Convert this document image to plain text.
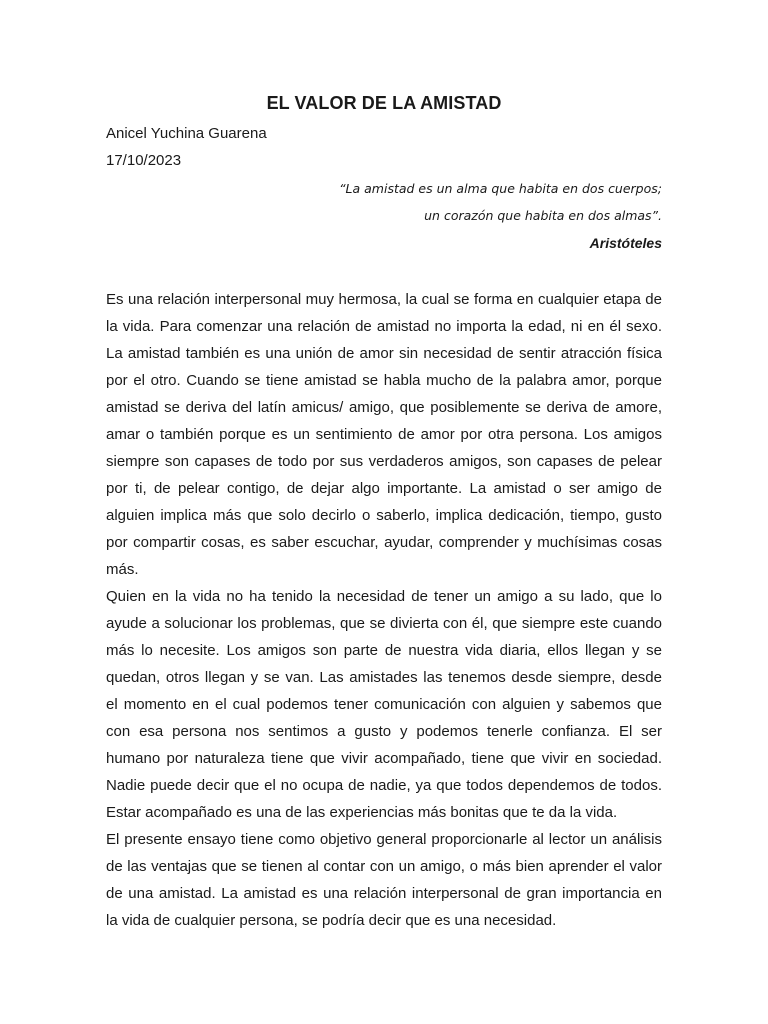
EL VALOR DE LA AMISTAD
Anicel Yuchina Guarena
17/10/2023
“La amistad es un alma que habita en dos cuerpos;
un corazón que habita en dos almas”.
Aristóteles
Es una relación interpersonal muy hermosa, la cual se forma en cualquier etapa de
la vida. Para comenzar una relación de amistad no importa la edad, ni en él sexo.
La amistad también es una unión de amor sin necesidad de sentir atracción física
por el otro. Cuando se tiene amistad se habla mucho de la palabra amor, porque
amistad se deriva del latín amicus/ amigo, que posiblemente se deriva de amore,
amar o también porque es un sentimiento de amor por otra persona. Los amigos
siempre son capases de todo por sus verdaderos amigos, son capases de pelear
por ti, de pelear contigo, de dejar algo importante. La amistad o ser amigo de
alguien implica más que solo decirlo o saberlo, implica dedicación, tiempo, gusto
por compartir cosas, es saber escuchar, ayudar, comprender y muchísimas cosas
más.
Quien en la vida no ha tenido la necesidad de tener un amigo a su lado, que lo
ayude a solucionar los problemas, que se divierta con él, que siempre este cuando
más lo necesite. Los amigos son parte de nuestra vida diaria, ellos llegan y se
quedan, otros llegan y se van. Las amistades las tenemos desde siempre, desde
el momento en el cual podemos tener comunicación con alguien y sabemos que
con esa persona nos sentimos a gusto y podemos tenerle confianza. El ser
humano por naturaleza tiene que vivir acompañado, tiene que vivir en sociedad.
Nadie puede decir que el no ocupa de nadie, ya que todos dependemos de todos.
Estar acompañado es una de las experiencias más bonitas que te da la vida.
El presente ensayo tiene como objetivo general proporcionarle al lector un análisis
de las ventajas que se tienen al contar con un amigo, o más bien aprender el valor
de una amistad. La amistad es una relación interpersonal de gran importancia en
la vida de cualquier persona, se podría decir que es una necesidad.
